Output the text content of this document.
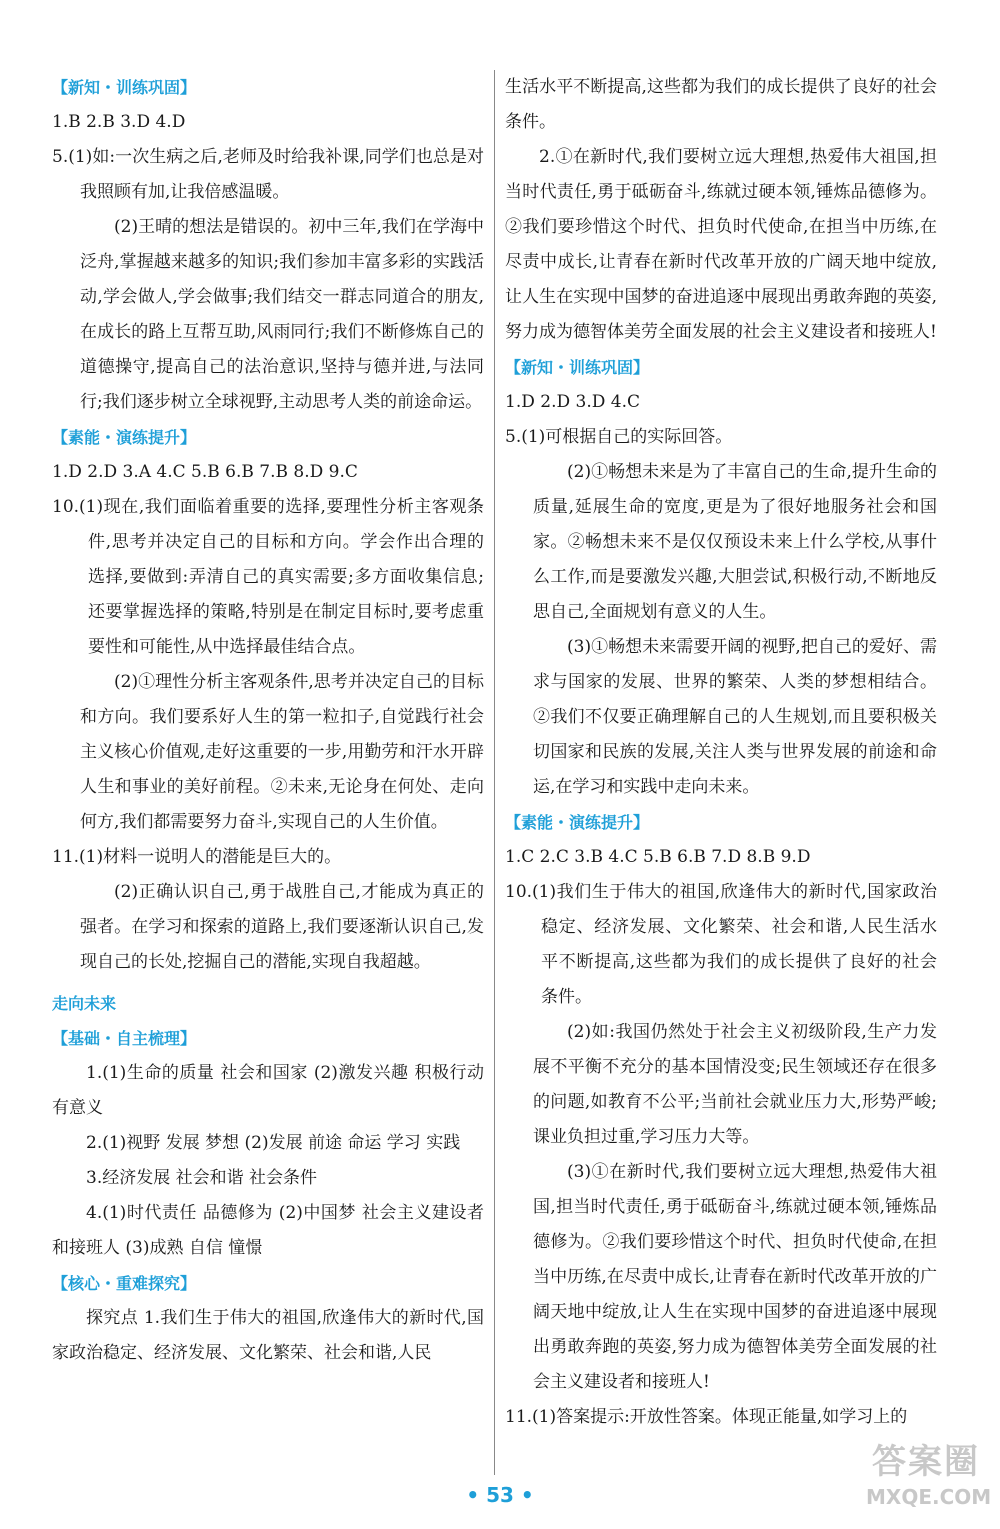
【新知・训练巩固】

1.B 2.B 3.D 4.D

5.(1)如:一次生病之后,老师及时给我补课,同学们也总是对我照顾有加,让我倍感温暖。

(2)王晴的想法是错误的。初中三年,我们在学海中泛舟,掌握越来越多的知识;我们参加丰富多彩的实践活动,学会做人,学会做事;我们结交一群志同道合的朋友,在成长的路上互帮互助,风雨同行;我们不断修炼自己的道德操守,提高自己的法治意识,坚持与德并进,与法同行;我们逐步树立全球视野,主动思考人类的前途命运。

【素能・演练提升】

1.D 2.D 3.A 4.C 5.B 6.B 7.B 8.D 9.C

10.(1)现在,我们面临着重要的选择,要理性分析主客观条件,思考并决定自己的目标和方向。学会作出合理的选择,要做到:弄清自己的真实需要;多方面收集信息;还要掌握选择的策略,特别是在制定目标时,要考虑重要性和可能性,从中选择最佳结合点。

(2)①理性分析主客观条件,思考并决定自己的目标和方向。我们要系好人生的第一粒扣子,自觉践行社会主义核心价值观,走好这重要的一步,用勤劳和汗水开辟人生和事业的美好前程。②未来,无论身在何处、走向何方,我们都需要努力奋斗,实现自己的人生价值。

11.(1)材料一说明人的潜能是巨大的。

(2)正确认识自己,勇于战胜自己,才能成为真正的强者。在学习和探索的道路上,我们要逐渐认识自己,发现自己的长处,挖掘自己的潜能,实现自我超越。

走向未来
【基础・自主梳理】

1.(1)生命的质量 社会和国家 (2)激发兴趣 积极行动 有意义

2.(1)视野 发展 梦想 (2)发展 前途 命运 学习 实践

3.经济发展 社会和谐 社会条件

4.(1)时代责任 品德修为 (2)中国梦 社会主义建设者和接班人 (3)成熟 自信 憧憬

【核心・重难探究】

探究点 1.我们生于伟大的祖国,欣逢伟大的新时代,国家政治稳定、经济发展、文化繁荣、社会和谐,人民

生活水平不断提高,这些都为我们的成长提供了良好的社会条件。

2.①在新时代,我们要树立远大理想,热爱伟大祖国,担当时代责任,勇于砥砺奋斗,练就过硬本领,锤炼品德修为。②我们要珍惜这个时代、担负时代使命,在担当中历练,在尽责中成长,让青春在新时代改革开放的广阔天地中绽放,让人生在实现中国梦的奋进追逐中展现出勇敢奔跑的英姿,努力成为德智体美劳全面发展的社会主义建设者和接班人!

【新知・训练巩固】

1.D 2.D 3.D 4.C

5.(1)可根据自己的实际回答。

(2)①畅想未来是为了丰富自己的生命,提升生命的质量,延展生命的宽度,更是为了很好地服务社会和国家。②畅想未来不是仅仅预设未来上什么学校,从事什么工作,而是要激发兴趣,大胆尝试,积极行动,不断地反思自己,全面规划有意义的人生。

(3)①畅想未来需要开阔的视野,把自己的爱好、需求与国家的发展、世界的繁荣、人类的梦想相结合。②我们不仅要正确理解自己的人生规划,而且要积极关切国家和民族的发展,关注人类与世界发展的前途和命运,在学习和实践中走向未来。

【素能・演练提升】

1.C 2.C 3.B 4.C 5.B 6.B 7.D 8.B 9.D

10.(1)我们生于伟大的祖国,欣逢伟大的新时代,国家政治稳定、经济发展、文化繁荣、社会和谐,人民生活水平不断提高,这些都为我们的成长提供了良好的社会条件。

(2)如:我国仍然处于社会主义初级阶段,生产力发展不平衡不充分的基本国情没变;民生领域还存在很多的问题,如教育不公平;当前社会就业压力大,形势严峻;课业负担过重,学习压力大等。

(3)①在新时代,我们要树立远大理想,热爱伟大祖国,担当时代责任,勇于砥砺奋斗,练就过硬本领,锤炼品德修为。②我们要珍惜这个时代、担负时代使命,在担当中历练,在尽责中成长,让青春在新时代改革开放的广阔天地中绽放,让人生在实现中国梦的奋进追逐中展现出勇敢奔跑的英姿,努力成为德智体美劳全面发展的社会主义建设者和接班人!

11.(1)答案提示:开放性答案。体现正能量,如学习上的

• 53 •
答案圈
MXQE.COM
